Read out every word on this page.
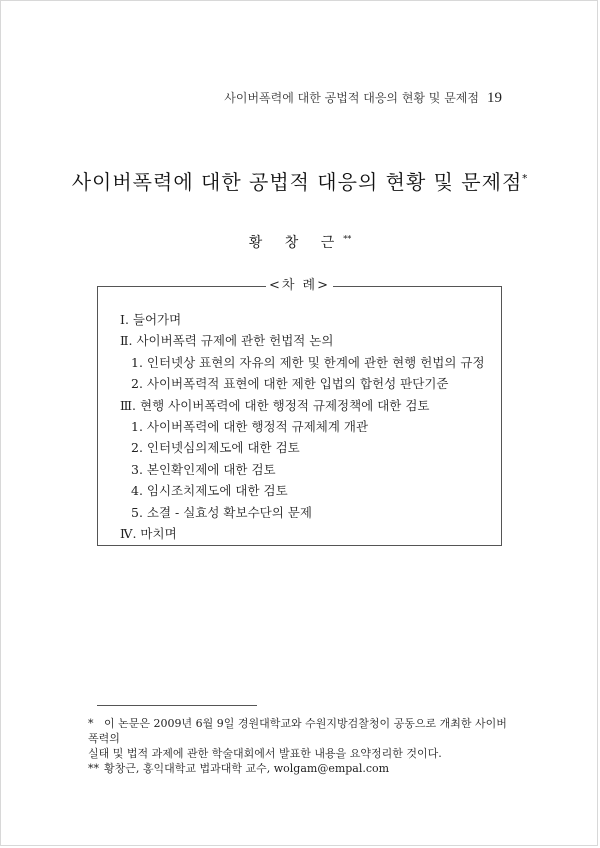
사이버폭력에 대한 공법적 대응의 현황 및 문제점 19
사이버폭력에 대한 공법적 대응의 현황 및 문제점*
황 창 근**
<차 례>
Ⅰ. 들어가며
Ⅱ. 사이버폭력 규제에 관한 헌법적 논의
1. 인터넷상 표현의 자유의 제한 및 한계에 관한 현행 헌법의 규정
2. 사이버폭력적 표현에 대한 제한 입법의 합헌성 판단기준
Ⅲ. 현행 사이버폭력에 대한 행정적 규제정책에 대한 검토
1. 사이버폭력에 대한 행정적 규제체계 개관
2. 인터넷심의제도에 대한 검토
3. 본인확인제에 대한 검토
4. 임시조치제도에 대한 검토
5. 소결 - 실효성 확보수단의 문제
Ⅳ. 마치며
* 이 논문은 2009년 6월 9일 경원대학교와 수원지방검찰청이 공동으로 개최한 사이버폭력의
실태 및 법적 과제에 관한 학술대회에서 발표한 내용을 요약정리한 것이다.
** 황창근, 홍익대학교 법과대학 교수, wolgam@empal.com
